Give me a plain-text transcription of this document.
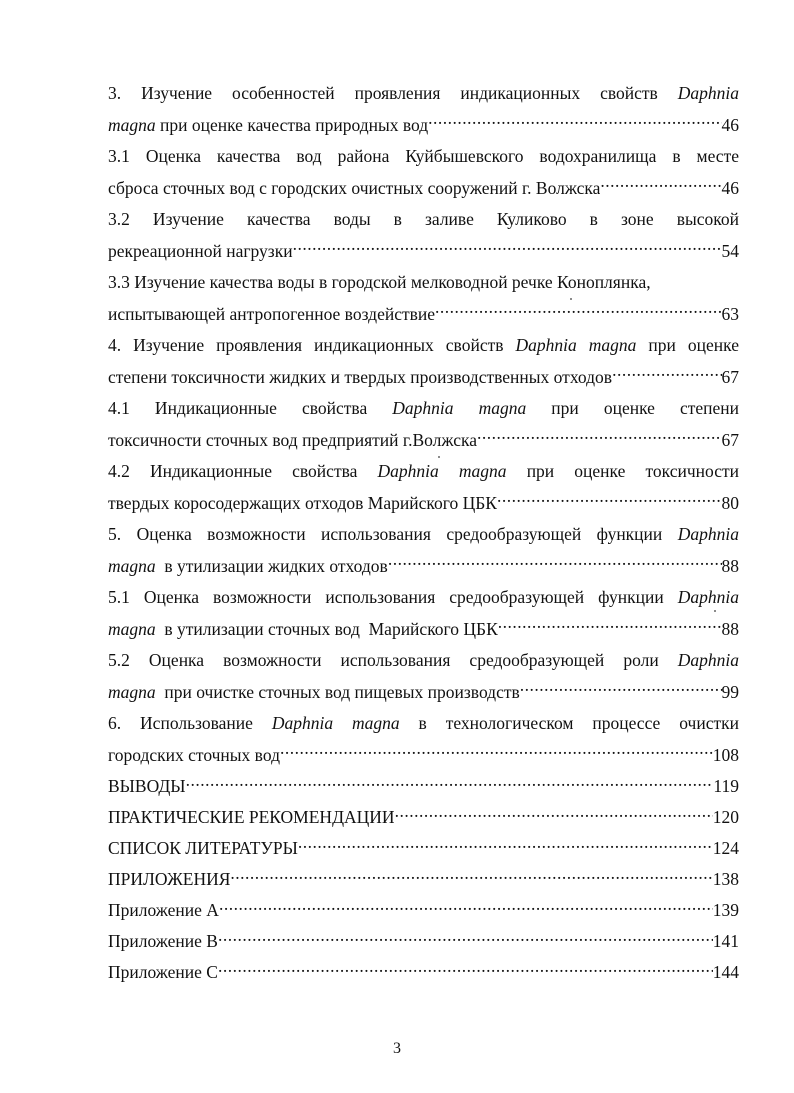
3. Изучение особенностей проявления индикационных свойств Daphnia
magna при оценке качества природных вод .....	46
3.1 Оценка качества вод района Куйбышевского водохранилища в месте
сброса сточных вод с городских очистных сооружений г. Волжска .....	46
3.2 Изучение качества воды в заливе Куликово в зоне высокой
рекреационной нагрузки .....	54
3.3 Изучение качества воды в городской мелководной речке Коноплянка,
испытывающей антропогенное воздействие .....	63
4. Изучение проявления индикационных свойств Daphnia magna при оценке
степени токсичности жидких и твердых производственных отходов .....	67
4.1 Индикационные свойства Daphnia magna при оценке степени
токсичности сточных вод предприятий г.Волжска .....	67
4.2 Индикационные свойства Daphnia magna при оценке токсичности
твердых короcодержащих отходов Марийского ЦБК .....	80
5. Оценка возможности использования средообразующей функции Daphnia
magna  в утилизации жидких отходов .....	88
5.1 Оценка возможности использования средообразующей функции Daphnia
magna  в утилизации сточных вод  Марийского ЦБК .....	88
5.2 Оценка возможности использования средообразующей роли Daphnia
magna  при очистке сточных вод пищевых производств .....	99
6. Использование Daphnia magna в технологическом процессе очистки
городских сточных вод .....	108
ВЫВОДЫ .....	119
ПРАКТИЧЕСКИЕ РЕКОМЕНДАЦИИ .....	120
СПИСОК ЛИТЕРАТУРЫ .....	124
ПРИЛОЖЕНИЯ .....	138
Приложение А .....	139
Приложение В .....	141
Приложение С .....	144
3
